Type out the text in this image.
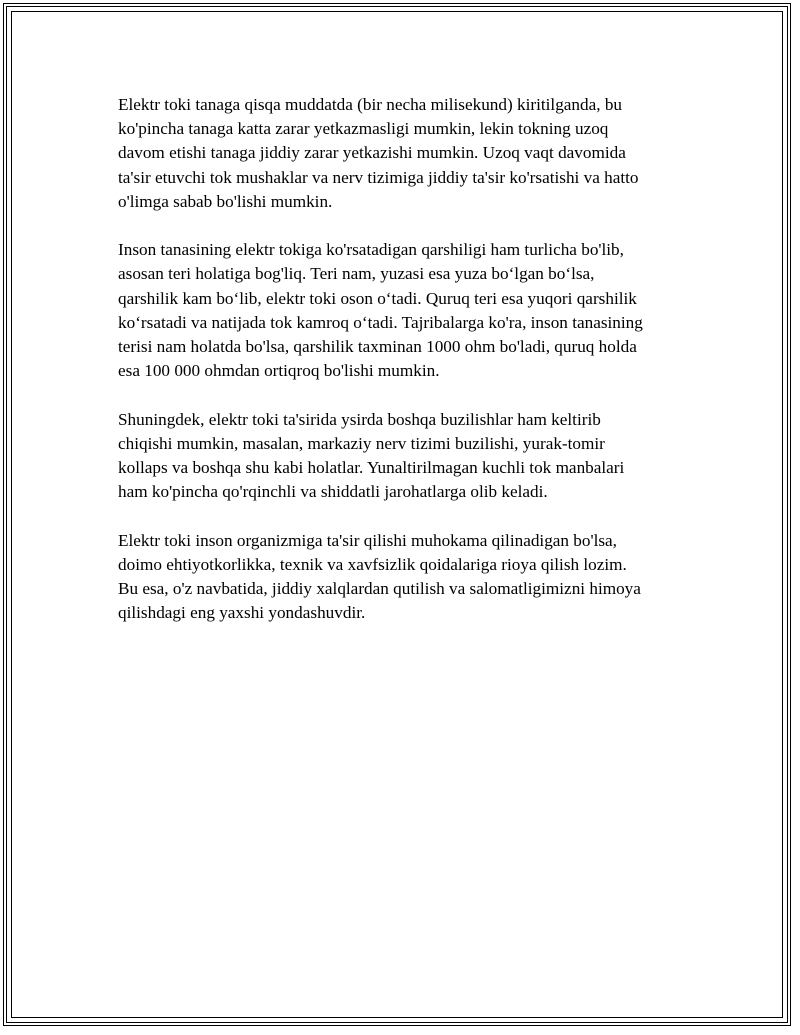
Elektr toki tanaga qisqa muddatda (bir necha milisekund) kiritilganda, bu
ko'pincha tanaga katta zarar yetkazmasligi mumkin, lekin tokning uzoq
davom etishi tanaga jiddiy zarar yetkazishi mumkin. Uzoq vaqt davomida
ta'sir etuvchi tok mushaklar va nerv tizimiga jiddiy ta'sir ko'rsatishi va hatto
o'limga sabab bo'lishi mumkin.

Inson tanasining elektr tokiga ko'rsatadigan qarshiligi ham turlicha bo'lib,
asosan teri holatiga bog'liq. Teri nam, yuzasi esa yuza bo‘lgan bo‘lsa,
qarshilik kam bo‘lib, elektr toki oson o‘tadi. Quruq teri esa yuqori qarshilik
ko‘rsatadi va natijada tok kamroq o‘tadi. Tajribalarga ko'ra, inson tanasining
terisi nam holatda bo'lsa, qarshilik taxminan 1000 ohm bo'ladi, quruq holda
esa 100 000 ohmdan ortiqroq bo'lishi mumkin.

Shuningdek, elektr toki ta'sirida ysirda boshqa buzilishlar ham keltirib
chiqishi mumkin, masalan, markaziy nerv tizimi buzilishi, yurak-tomir
kollaps va boshqa shu kabi holatlar. Yunaltirilmagan kuchli tok manbalari
ham ko'pincha qo'rqinchli va shiddatli jarohatlarga olib keladi.

Elektr toki inson organizmiga ta'sir qilishi muhokama qilinadigan bo'lsa,
doimo ehtiyotkorlikka, texnik va xavfsizlik qoidalariga rioya qilish lozim.
Bu esa, o'z navbatida, jiddiy xalqlardan qutilish va salomatligimizni himoya
qilishdagi eng yaxshi yondashuvdir.
